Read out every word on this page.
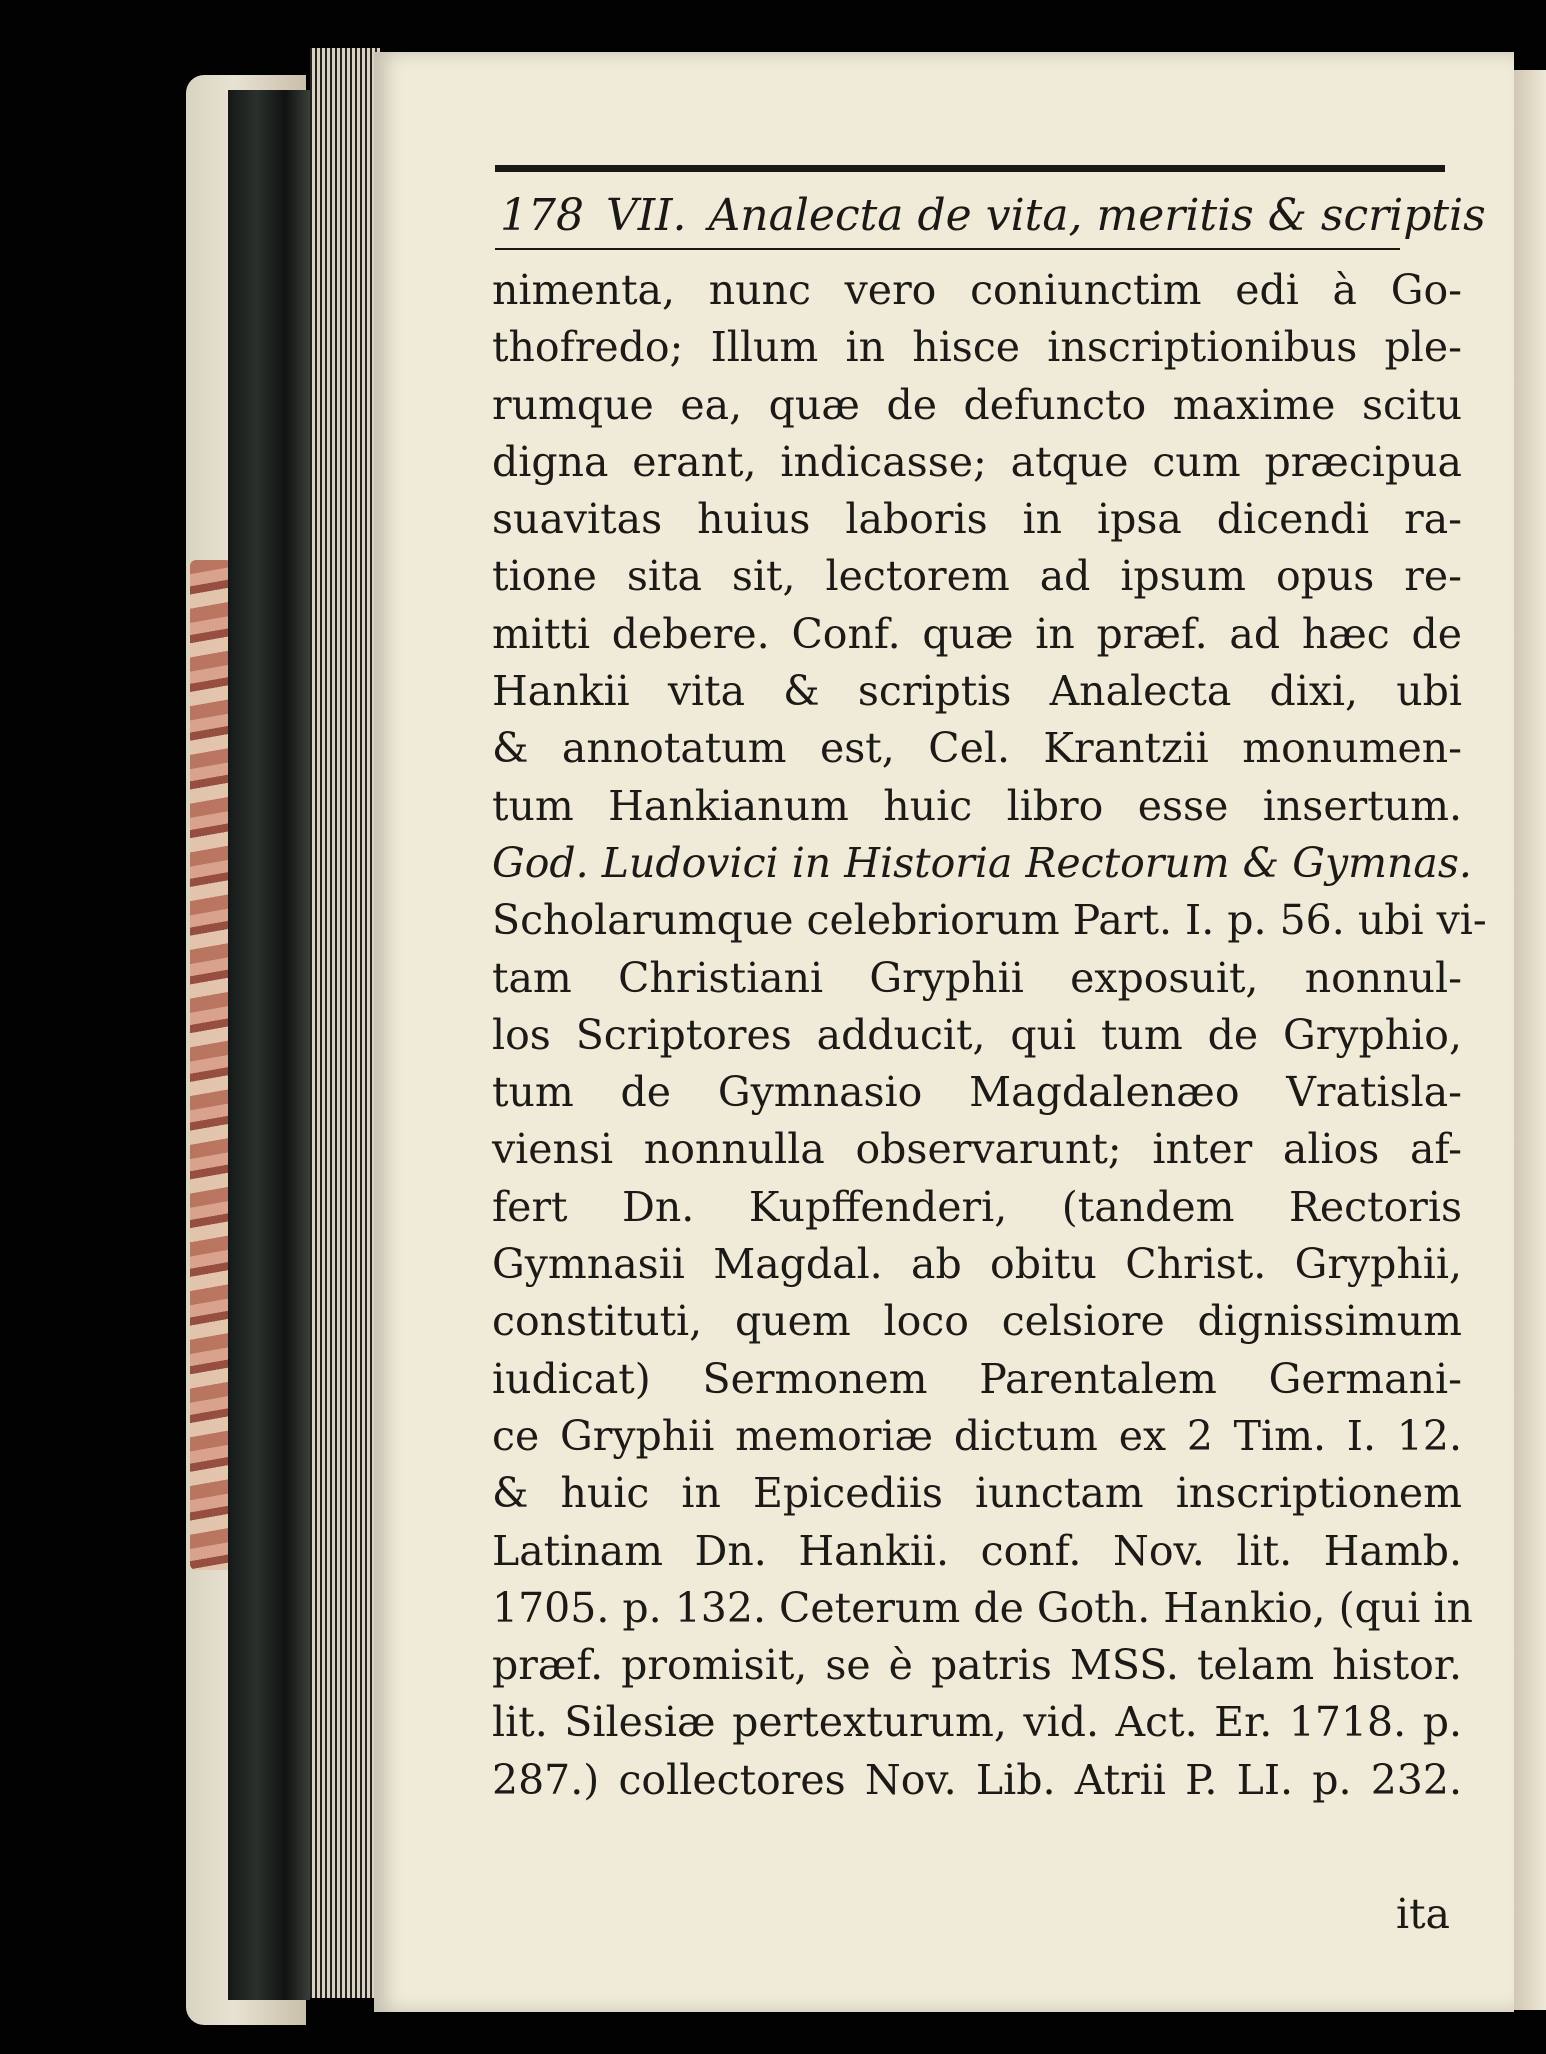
178 VII. Analecta de vita, meritis & scriptis
nimenta, nunc vero coniunctim edi à Go-
thofredo; Illum in hisce inscriptionibus ple-
rumque ea, quæ de defuncto maxime scitu
digna erant, indicasse; atque cum præcipua
suavitas huius laboris in ipsa dicendi ra-
tione sita sit, lectorem ad ipsum opus re-
mitti debere. Conf. quæ in præf. ad hæc de
Hankii vita & scriptis Analecta dixi, ubi
& annotatum est, Cel. Krantzii monumen-
tum Hankianum huic libro esse insertum.
God. Ludovici in Historia Rectorum & Gymnas.
Scholarumque celebriorum Part. I. p. 56. ubi vi-
tam Christiani Gryphii exposuit, nonnul-
los Scriptores adducit, qui tum de Gryphio,
tum de Gymnasio Magdalenæo Vratisla-
viensi nonnulla observarunt; inter alios af-
fert Dn. Kupffenderi, (tandem Rectoris
Gymnasii Magdal. ab obitu Christ. Gryphii,
constituti, quem loco celsiore dignissimum
iudicat) Sermonem Parentalem Germani-
ce Gryphii memoriæ dictum ex 2 Tim. I. 12.
& huic in Epicediis iunctam inscriptionem
Latinam Dn. Hankii. conf. Nov. lit. Hamb.
1705. p. 132. Ceterum de Goth. Hankio, (qui in
præf. promisit, se è patris MSS. telam histor.
lit. Silesiæ pertexturum, vid. Act. Er. 1718. p.
287.) collectores Nov. Lib. Atrii P. LI. p. 232.
ita
